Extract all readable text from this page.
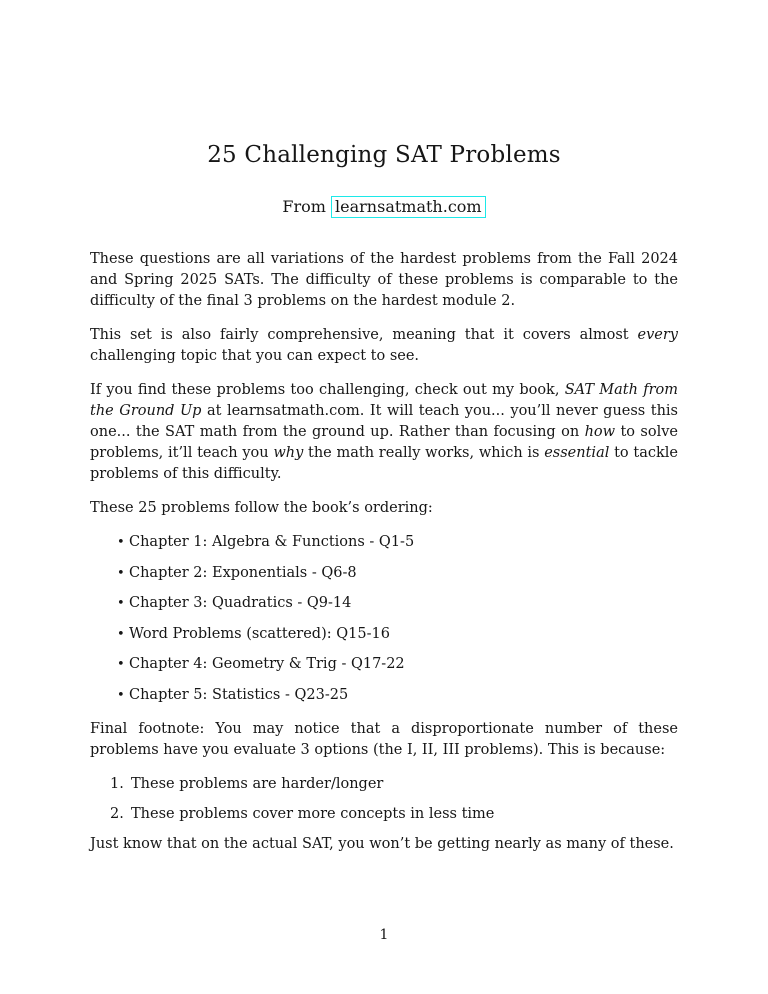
25 Challenging SAT Problems
From learnsatmath.com

These questions are all variations of the hardest problems from the Fall 2024 and Spring 2025 SATs. The difficulty of these problems is comparable to the difficulty of the final 3 problems on the hardest module 2.

This set is also fairly comprehensive, meaning that it covers almost every challenging topic that you can expect to see.

If you find these problems too challenging, check out my book, SAT Math from the Ground Up at learnsatmath.com. It will teach you... you’ll never guess this one... the SAT math from the ground up. Rather than focusing on how to solve problems, it’ll teach you why the math really works, which is essential to tackle problems of this difficulty.

These 25 problems follow the book’s ordering:

• Chapter 1: Algebra & Functions - Q1-5
• Chapter 2: Exponentials - Q6-8
• Chapter 3: Quadratics - Q9-14
• Word Problems (scattered): Q15-16
• Chapter 4: Geometry & Trig - Q17-22
• Chapter 5: Statistics - Q23-25

Final footnote: You may notice that a disproportionate number of these problems have you evaluate 3 options (the I, II, III problems). This is because:

1. These problems are harder/longer
2. These problems cover more concepts in less time

Just know that on the actual SAT, you won’t be getting nearly as many of these.

1
